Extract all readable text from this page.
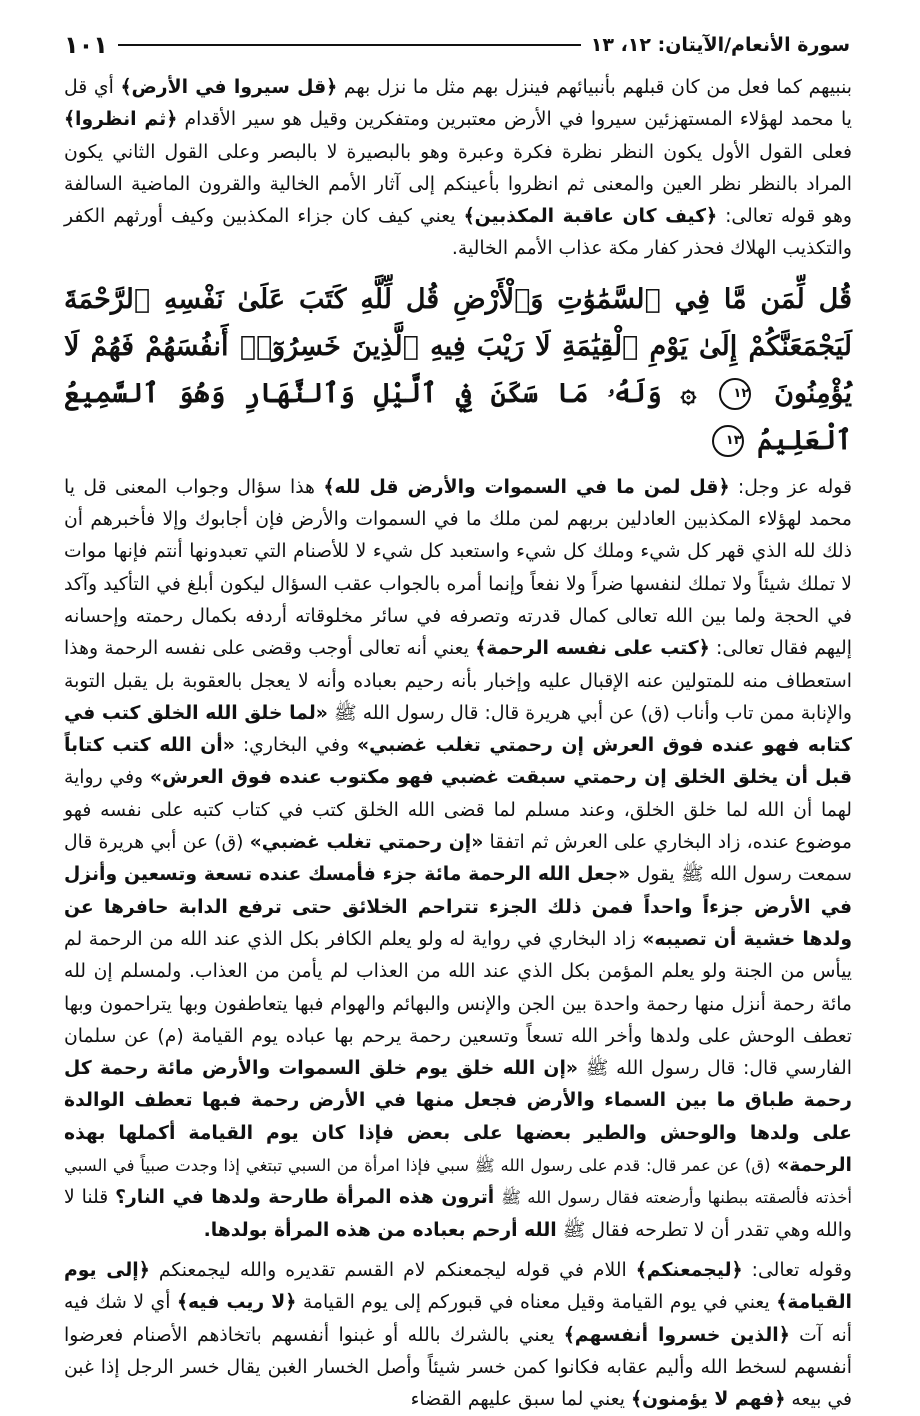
سورة الأنعام/الآيتان: ١٢، ١٣
١٠١

بنبيهم كما فعل من كان قبلهم بأنبيائهم فينزل بهم مثل ما نزل بهم ﴿قل سيروا في الأرض﴾ أي قل يا محمد لهؤلاء المستهزئين سيروا في الأرض معتبرين ومتفكرين وقيل هو سير الأقدام ﴿ثم انظروا﴾ فعلى القول الأول يكون النظر نظرة فكرة وعبرة وهو بالبصيرة لا بالبصر وعلى القول الثاني يكون المراد بالنظر نظر العين والمعنى ثم انظروا بأعينكم إلى آثار الأمم الخالية والقرون الماضية السالفة وهو قوله تعالى: ﴿كيف كان عاقبة المكذبين﴾ يعني كيف كان جزاء المكذبين وكيف أورثهم الكفر والتكذيب الهلاك فحذر كفار مكة عذاب الأمم الخالية.

قُل لِّمَن مَّا فِي ٱلسَّمَٰوَٰتِ وَٱلْأَرْضِ قُل لِّلَّهِ كَتَبَ عَلَىٰ نَفْسِهِ ٱلرَّحْمَةَ لَيَجْمَعَنَّكُمْ إِلَىٰ يَوْمِ ٱلْقِيَٰمَةِ لَا رَيْبَ فِيهِ ٱلَّذِينَ خَسِرُوٓا۟ أَنفُسَهُمْ فَهُمْ لَا يُؤْمِنُونَ ١٢ ۞ وَلَهُۥ مَا سَكَنَ فِي ٱلَّيْلِ وَٱلنَّهَارِ وَهُوَ ٱلسَّمِيعُ ٱلْعَلِيمُ ١٣

قوله عز وجل: ﴿قل لمن ما في السموات والأرض قل لله﴾ هذا سؤال وجواب المعنى قل يا محمد لهؤلاء المكذبين العادلين بربهم لمن ملك ما في السموات والأرض فإن أجابوك وإلا فأخبرهم أن ذلك لله الذي قهر كل شيء وملك كل شيء واستعبد كل شيء لا للأصنام التي تعبدونها أنتم فإنها موات لا تملك شيئاً ولا تملك لنفسها ضراً ولا نفعاً وإنما أمره بالجواب عقب السؤال ليكون أبلغ في التأكيد وآكد في الحجة ولما بين الله تعالى كمال قدرته وتصرفه في سائر مخلوقاته أردفه بكمال رحمته وإحسانه إليهم فقال تعالى: ﴿كتب على نفسه الرحمة﴾ يعني أنه تعالى أوجب وقضى على نفسه الرحمة وهذا استعطاف منه للمتولين عنه الإقبال عليه وإخبار بأنه رحيم بعباده وأنه لا يعجل بالعقوبة بل يقبل التوبة والإنابة ممن تاب وأناب (ق) عن أبي هريرة قال: قال رسول الله ﷺ «لما خلق الله الخلق كتب في كتابه فهو عنده فوق العرش إن رحمتي تغلب غضبي» وفي البخاري: «أن الله كتب كتاباً قبل أن يخلق الخلق إن رحمتي سبقت غضبي فهو مكتوب عنده فوق العرش» وفي رواية لهما أن الله لما خلق الخلق، وعند مسلم لما قضى الله الخلق كتب في كتاب كتبه على نفسه فهو موضوع عنده، زاد البخاري على العرش ثم اتفقا «إن رحمتي تغلب غضبي» (ق) عن أبي هريرة قال سمعت رسول الله ﷺ يقول «جعل الله الرحمة مائة جزء فأمسك عنده تسعة وتسعين وأنزل في الأرض جزءاً واحداً فمن ذلك الجزء تتراحم الخلائق حتى ترفع الدابة حافرها عن ولدها خشية أن تصيبه» زاد البخاري في رواية له ولو يعلم الكافر بكل الذي عند الله من الرحمة لم ييأس من الجنة ولو يعلم المؤمن بكل الذي عند الله من العذاب لم يأمن من العذاب. ولمسلم إن لله مائة رحمة أنزل منها رحمة واحدة بين الجن والإنس والبهائم والهوام فبها يتعاطفون وبها يتراحمون وبها تعطف الوحش على ولدها وأخر الله تسعاً وتسعين رحمة يرحم بها عباده يوم القيامة (م) عن سلمان الفارسي قال: قال رسول الله ﷺ «إن الله خلق يوم خلق السموات والأرض مائة رحمة كل رحمة طباق ما بين السماء والأرض فجعل منها في الأرض رحمة فبها تعطف الوالدة على ولدها والوحش والطير بعضها على بعض فإذا كان يوم القيامة أكملها بهذه الرحمة» (ق) عن عمر قال: قدم على رسول الله ﷺ سبي فإذا امرأة من السبي تبتغي إذا وجدت صبياً في السبي أخذته فألصقته ببطنها وأرضعته فقال رسول الله ﷺ أترون هذه المرأة طارحة ولدها في النار؟ قلنا لا والله وهي تقدر أن لا تطرحه فقال ﷺ الله أرحم بعباده من هذه المرأة بولدها.

وقوله تعالى: ﴿ليجمعنكم﴾ اللام في قوله ليجمعنكم لام القسم تقديره والله ليجمعنكم ﴿إلى يوم القيامة﴾ يعني في يوم القيامة وقيل معناه في قبوركم إلى يوم القيامة ﴿لا ريب فيه﴾ أي لا شك فيه أنه آت ﴿الذين خسروا أنفسهم﴾ يعني بالشرك بالله أو غبنوا أنفسهم باتخاذهم الأصنام فعرضوا أنفسهم لسخط الله وأليم عقابه فكانوا كمن خسر شيئاً وأصل الخسار الغبن يقال خسر الرجل إذا غبن في بيعه ﴿فهم لا يؤمنون﴾ يعني لما سبق عليهم القضاء
